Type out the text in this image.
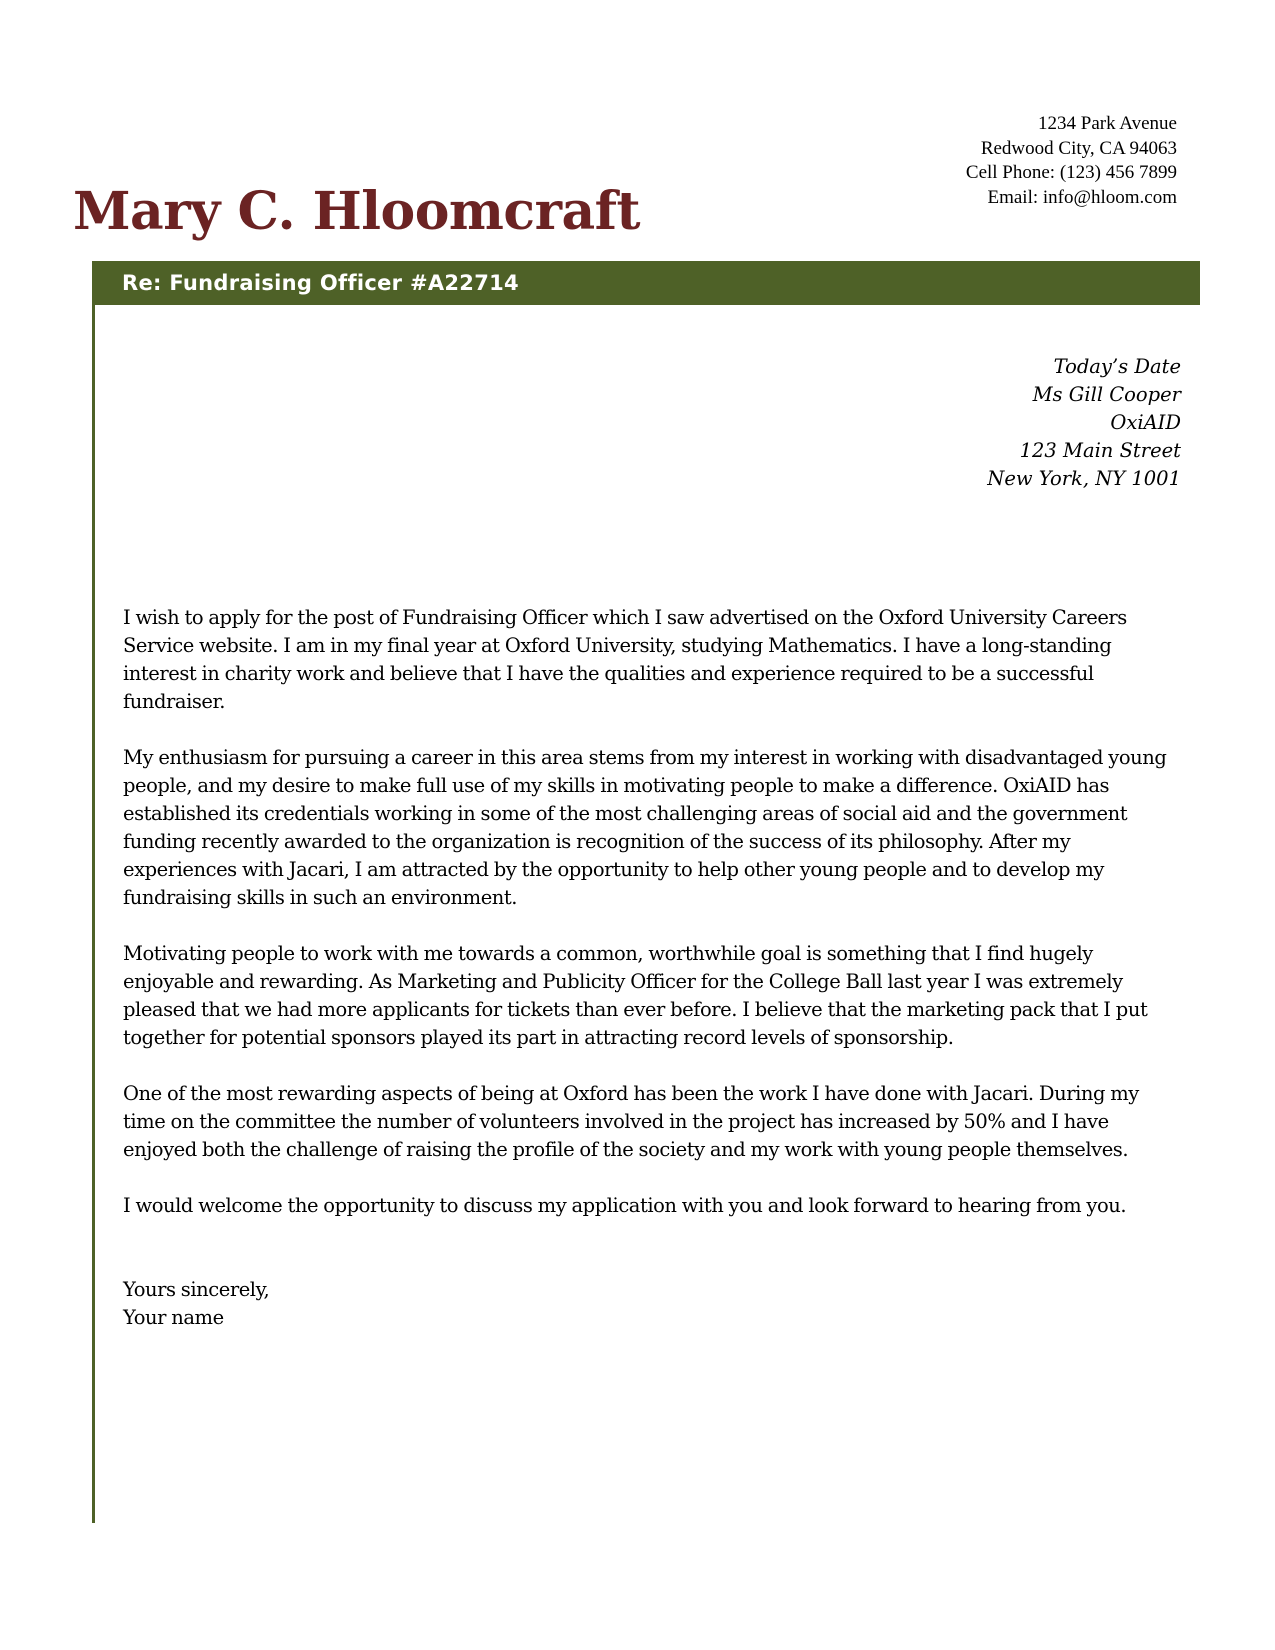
1234 Park Avenue
Redwood City, CA 94063
Cell Phone: (123) 456 7899
Email: info@hloom.com
Mary C. Hloomcraft
Re: Fundraising Officer #A22714
Today’s Date
Ms Gill Cooper
OxiAID
123 Main Street
New York, NY 1001

I wish to apply for the post of Fundraising Officer which I saw advertised on the Oxford University Careers Service website. I am in my final year at Oxford University, studying Mathematics. I have a long-standing interest in charity work and believe that I have the qualities and experience required to be a successful fundraiser.

My enthusiasm for pursuing a career in this area stems from my interest in working with disadvantaged young people, and my desire to make full use of my skills in motivating people to make a difference. OxiAID has established its credentials working in some of the most challenging areas of social aid and the government funding recently awarded to the organization is recognition of the success of its philosophy. After my experiences with Jacari, I am attracted by the opportunity to help other young people and to develop my fundraising skills in such an environment.

Motivating people to work with me towards a common, worthwhile goal is something that I find hugely enjoyable and rewarding. As Marketing and Publicity Officer for the College Ball last year I was extremely pleased that we had more applicants for tickets than ever before. I believe that the marketing pack that I put together for potential sponsors played its part in attracting record levels of sponsorship.

One of the most rewarding aspects of being at Oxford has been the work I have done with Jacari. During my time on the committee the number of volunteers involved in the project has increased by 50% and I have enjoyed both the challenge of raising the profile of the society and my work with young people themselves.

I would welcome the opportunity to discuss my application with you and look forward to hearing from you.

Yours sincerely,
Your name
